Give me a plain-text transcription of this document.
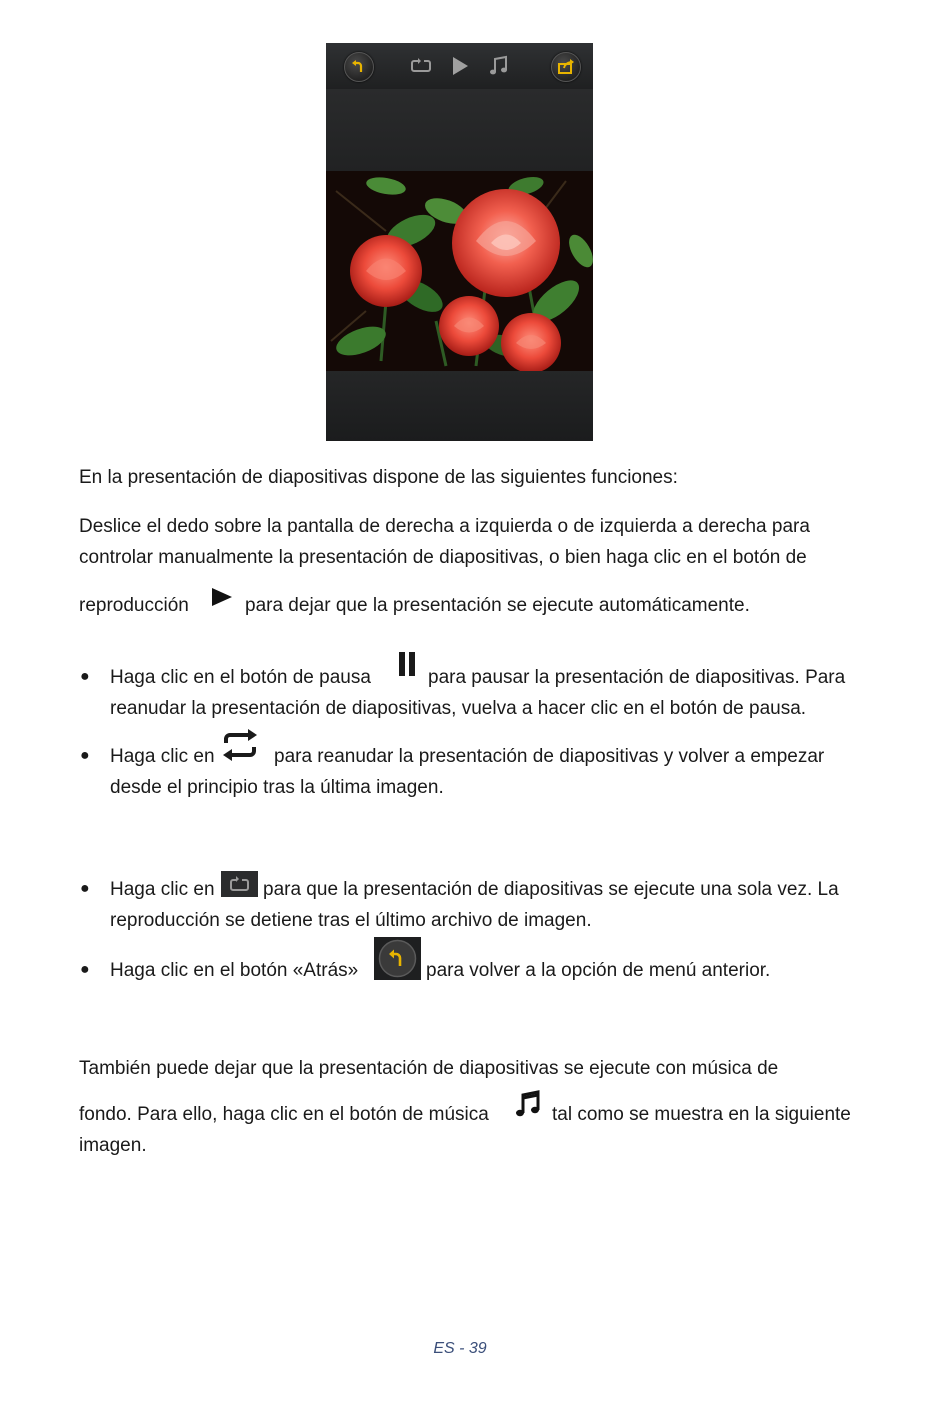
En la presentación de diapositivas dispone de las siguientes funciones:
Deslice el dedo sobre la pantalla de derecha a izquierda o de izquierda a derecha para
controlar manualmente la presentación de diapositivas, o bien haga clic en el botón de
reproducción	para dejar que la presentación se ejecute automáticamente.
● Haga clic en el botón de pausa	para pausar la presentación de diapositivas. Para
reanudar la presentación de diapositivas, vuelva a hacer clic en el botón de pausa.
● Haga clic en	para reanudar la presentación de diapositivas y volver a empezar
desde el principio tras la última imagen.
● Haga clic en	para que la presentación de diapositivas se ejecute una sola vez. La
reproducción se detiene tras el último archivo de imagen.
● Haga clic en el botón «Atrás»	para volver a la opción de menú anterior.
También puede dejar que la presentación de diapositivas se ejecute con música de
fondo. Para ello, haga clic en el botón de música	tal como se muestra en la siguiente
imagen.
ES - 39
